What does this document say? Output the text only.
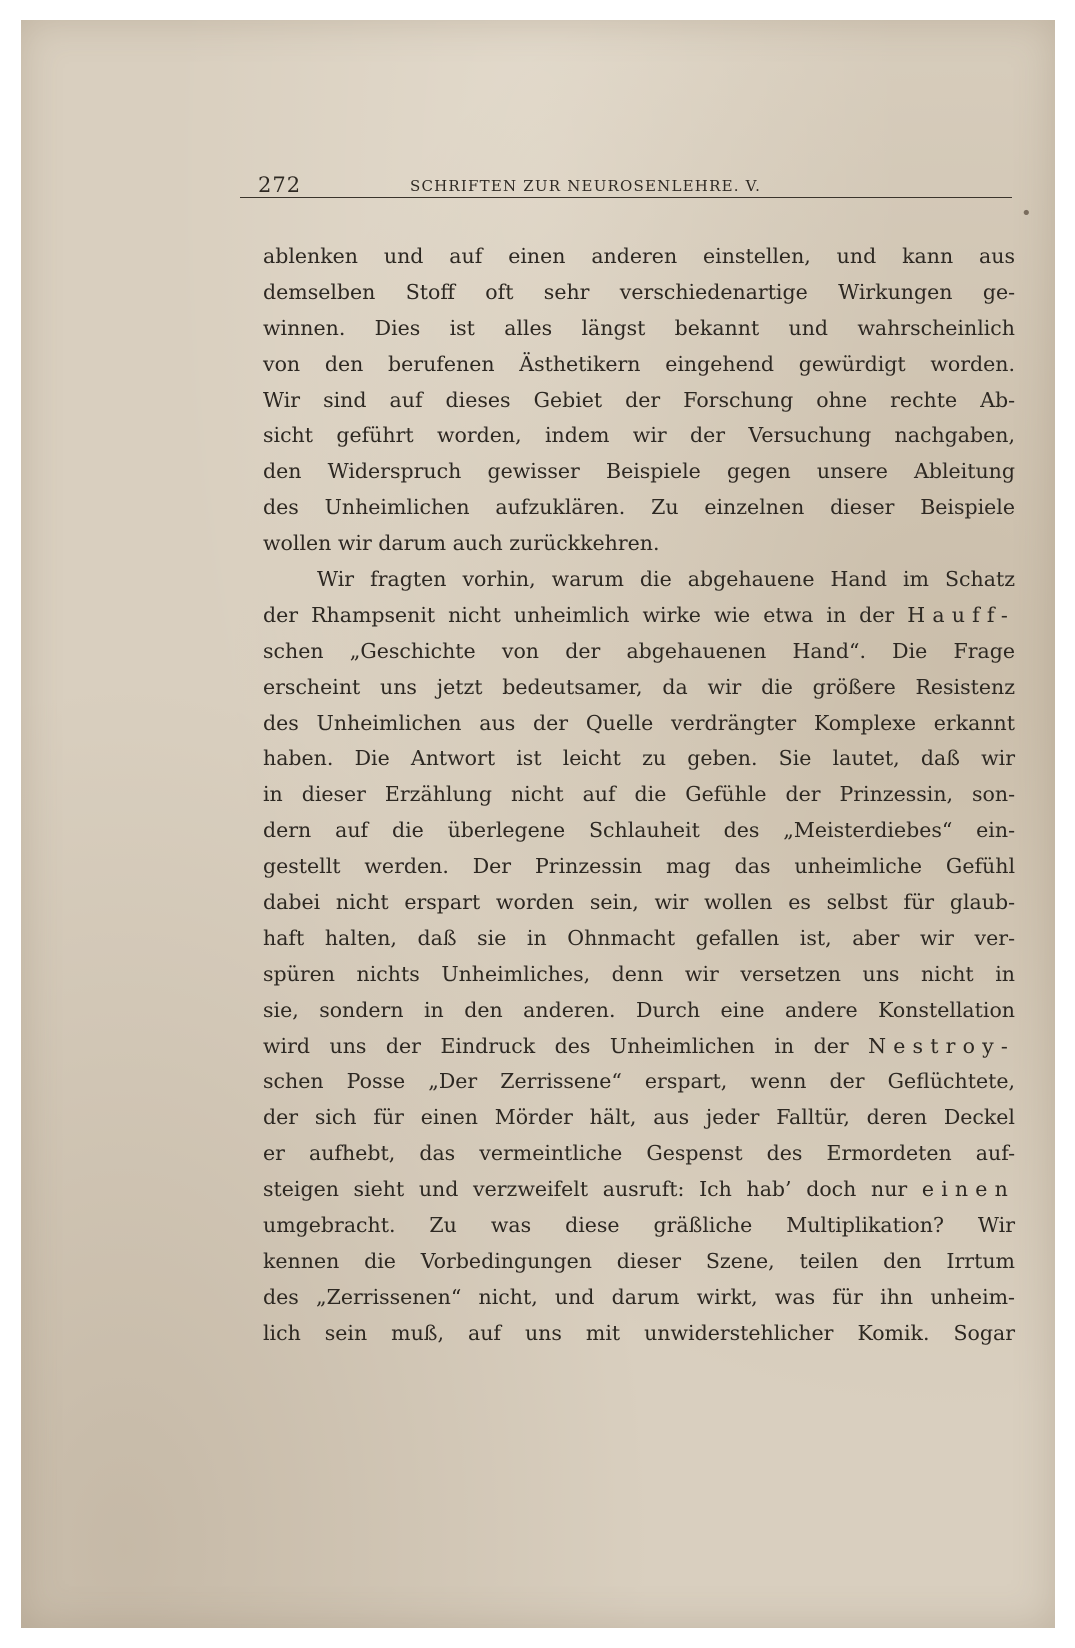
272	SCHRIFTEN ZUR NEUROSENLEHRE. V.
•
ablenken und auf einen anderen einstellen, und kann aus
demselben Stoff oft sehr verschiedenartige Wirkungen ge-
winnen. Dies ist alles längst bekannt und wahrscheinlich
von den berufenen Ästhetikern eingehend gewürdigt worden.
Wir sind auf dieses Gebiet der Forschung ohne rechte Ab-
sicht geführt worden, indem wir der Versuchung nachgaben,
den Widerspruch gewisser Beispiele gegen unsere Ableitung
des Unheimlichen aufzuklären. Zu einzelnen dieser Beispiele
wollen wir darum auch zurückkehren.
Wir fragten vorhin, warum die abgehauene Hand im Schatz
der Rhampsenit nicht unheimlich wirke wie etwa in der Hauff-
schen „Geschichte von der abgehauenen Hand“. Die Frage
erscheint uns jetzt bedeutsamer, da wir die größere Resistenz
des Unheimlichen aus der Quelle verdrängter Komplexe erkannt
haben. Die Antwort ist leicht zu geben. Sie lautet, daß wir
in dieser Erzählung nicht auf die Gefühle der Prinzessin, son-
dern auf die überlegene Schlauheit des „Meisterdiebes“ ein-
gestellt werden. Der Prinzessin mag das unheimliche Gefühl
dabei nicht erspart worden sein, wir wollen es selbst für glaub-
haft halten, daß sie in Ohnmacht gefallen ist, aber wir ver-
spüren nichts Unheimliches, denn wir versetzen uns nicht in
sie, sondern in den anderen. Durch eine andere Konstellation
wird uns der Eindruck des Unheimlichen in der Nestroy-
schen Posse „Der Zerrissene“ erspart, wenn der Geflüchtete,
der sich für einen Mörder hält, aus jeder Falltür, deren Deckel
er aufhebt, das vermeintliche Gespenst des Ermordeten auf-
steigen sieht und verzweifelt ausruft: Ich hab’ doch nur einen
umgebracht. Zu was diese gräßliche Multiplikation? Wir
kennen die Vorbedingungen dieser Szene, teilen den Irrtum
des „Zerrissenen“ nicht, und darum wirkt, was für ihn unheim-
lich sein muß, auf uns mit unwiderstehlicher Komik. Sogar
